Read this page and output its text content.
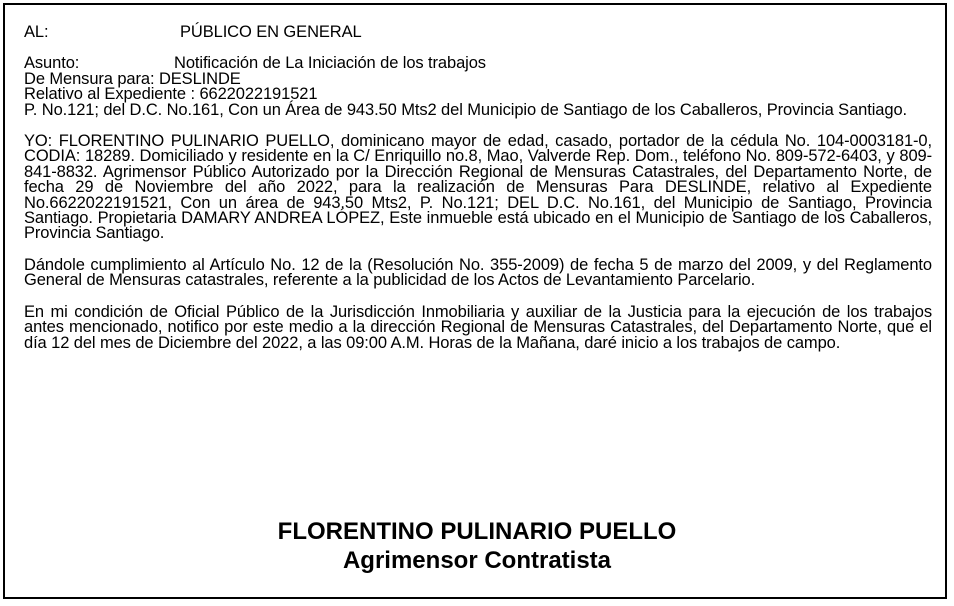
AL:	PÚBLICO EN GENERAL
Asunto:	Notificación de La Iniciación de los trabajos
De Mensura para: DESLINDE
Relativo al Expediente : 6622022191521
P. No.121; del D.C. No.161, Con un Área de 943.50 Mts2 del Municipio de Santiago de los Caballeros, Provincia Santiago.
YO: FLORENTINO PULINARIO PUELLO, dominicano mayor de edad, casado, portador de la cédula No. 104-0003181-0, CODIA: 18289. Domiciliado y residente en la C/ Enriquillo no.8, Mao, Valverde Rep. Dom., teléfono No. 809-572-6403, y 809-841-8832. Agrimensor Público Autorizado por la Dirección Regional de Mensuras Catastrales, del Departamento Norte, de fecha 29 de Noviembre del año 2022, para la realización de Mensuras Para DESLINDE, relativo al Expediente No.6622022191521, Con un área de 943.50 Mts2, P. No.121; DEL D.C. No.161, del Municipio de Santiago, Provincia Santiago. Propietaria DAMARY ANDREA LÓPEZ, Este inmueble está ubicado en el Municipio de Santiago de los Caballeros, Provincia Santiago.
Dándole cumplimiento al Artículo No. 12 de la (Resolución No. 355-2009) de fecha 5 de marzo del 2009, y del Reglamento General de Mensuras catastrales, referente a la publicidad de los Actos de Levantamiento Parcelario.
En mi condición de Oficial Público de la Jurisdicción Inmobiliaria y auxiliar de la Justicia para la ejecución de los trabajos antes mencionado, notifico por este medio a la dirección Regional de Mensuras Catastrales, del Departamento Norte, que el día 12 del mes de Diciembre del 2022, a las 09:00 A.M. Horas de la Mañana, daré inicio a los trabajos de campo.
FLORENTINO PULINARIO PUELLO
Agrimensor Contratista
